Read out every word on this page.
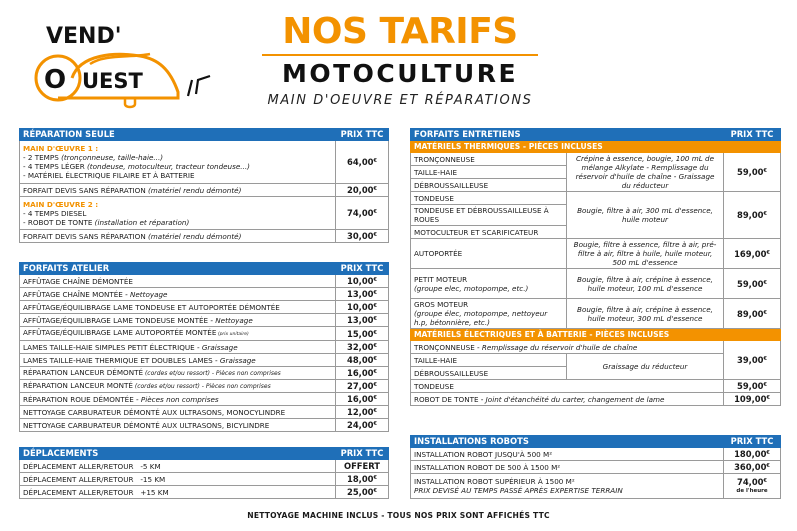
VEND'
O UEST
NOS TARIFS
MOTOCULTURE
MAIN D'OEUVRE ET RÉPARATIONS
RÉPARATION SEULE	PRIX TTC

MAIN D'ŒUVRE 1 :
- 2 TEMPS (tronçonneuse, taille-haie...)
- 4 TEMPS LÉGER (tondeuse, motoculteur, tracteur tondeuse...)
- MATÉRIEL ÉLECTRIQUE FILAIRE ET À BATTERIE	64,00€
FORFAIT DEVIS SANS RÉPARATION (matériel rendu démonté)	20,00€

MAIN D'ŒUVRE 2 :
- 4 TEMPS DIESEL
- ROBOT DE TONTE (installation et réparation)	74,00€
FORFAIT DEVIS SANS RÉPARATION (matériel rendu démonté)	30,00€
FORFAITS ATELIER	PRIX TTC
AFFÛTAGE CHAÎNE DÉMONTÉE	10,00€
AFFÛTAGE CHAÎNE MONTÉE - Nettoyage	13,00€
AFFÛTAGE/ÉQUILIBRAGE LAME TONDEUSE ET AUTOPORTÉE DÉMONTÉE	10,00€
AFFÛTAGE/ÉQUILIBRAGE LAME TONDEUSE MONTÉE - Nettoyage	13,00€
AFFÛTAGE/ÉQUILIBRAGE LAME AUTOPORTÉE MONTÉE (prix unitaire)	15,00€
LAMES TAILLE-HAIE SIMPLES PETIT ÉLECTRIQUE - Graissage	32,00€
LAMES TAILLE-HAIE THERMIQUE ET DOUBLES LAMES - Graissage	48,00€
RÉPARATION LANCEUR DÉMONTÉ (cordes et/ou ressort) - Pièces non comprises	16,00€
RÉPARATION LANCEUR MONTÉ (cordes et/ou ressort) - Pièces non comprises	27,00€
RÉPARATION ROUE DÉMONTÉE - Pièces non comprises	16,00€
NETTOYAGE CARBURATEUR DÉMONTÉ AUX ULTRASONS, MONOCYLINDRE	12,00€
NETTOYAGE CARBURATEUR DÉMONTÉ AUX ULTRASONS, BICYLINDRE	24,00€
DÉPLACEMENTS	PRIX TTC
DÉPLACEMENT ALLER/RETOUR -5 KM	OFFERT
DÉPLACEMENT ALLER/RETOUR -15 KM	18,00€
DÉPLACEMENT ALLER/RETOUR +15 KM	25,00€
FORFAITS ENTRETIENS		PRIX TTC
MATÉRIELS THERMIQUES - PIÈCES INCLUSES		
TRONÇONNEUSE	Crépine à essence, bougie, 100 mL de mélange Alkylate - Remplissage du réservoir d'huile de chaîne - Graissage du réducteur	59,00€
TAILLE-HAIE		
DÉBROUSSAILLEUSE		
TONDEUSE	Bougie, filtre à air, 300 mL d'essence, huile moteur	89,00€
TONDEUSE ET DÉBROUSSAILLEUSE À ROUES		
MOTOCULTEUR ET SCARIFICATEUR		
AUTOPORTÉE	Bougie, filtre à essence, filtre à air, pré-filtre à air, filtre à huile, huile moteur, 500 mL d'essence	169,00€

PETIT MOTEUR
(groupe elec, motopompe, etc.)	Bougie, filtre à air, crépine à essence, huile moteur, 100 mL d'essence	59,00€

GROS MOTEUR
(groupe élec, motopompe, nettoyeur h.p, bétonnière, etc.)	Bougie, filtre à air, crépine à essence, huile moteur, 300 mL d'essence	89,00€
MATÉRIELS ÉLECTRIQUES ET À BATTERIE - PIÈCES INCLUSES		
TRONÇONNEUSE - Remplissage du réservoir d'huile de chaîne		39,00€
TAILLE-HAIE	Graissage du réducteur	
DÉBROUSSAILLEUSE		
TONDEUSE		59,00€
ROBOT DE TONTE - Joint d'étanchéité du carter, changement de lame		109,00€
INSTALLATIONS ROBOTS	PRIX TTC
INSTALLATION ROBOT JUSQU'À 500 M²	180,00€
INSTALLATION ROBOT DE 500 À 1500 M²	360,00€

INSTALLATION ROBOT SUPÉRIEUR À 1500 M²
PRIX DEVISÉ AU TEMPS PASSÉ APRÈS EXPERTISE TERRAIN
	74,00€
de l'heure
NETTOYAGE MACHINE INCLUS - TOUS NOS PRIX SONT AFFICHÉS TTC
